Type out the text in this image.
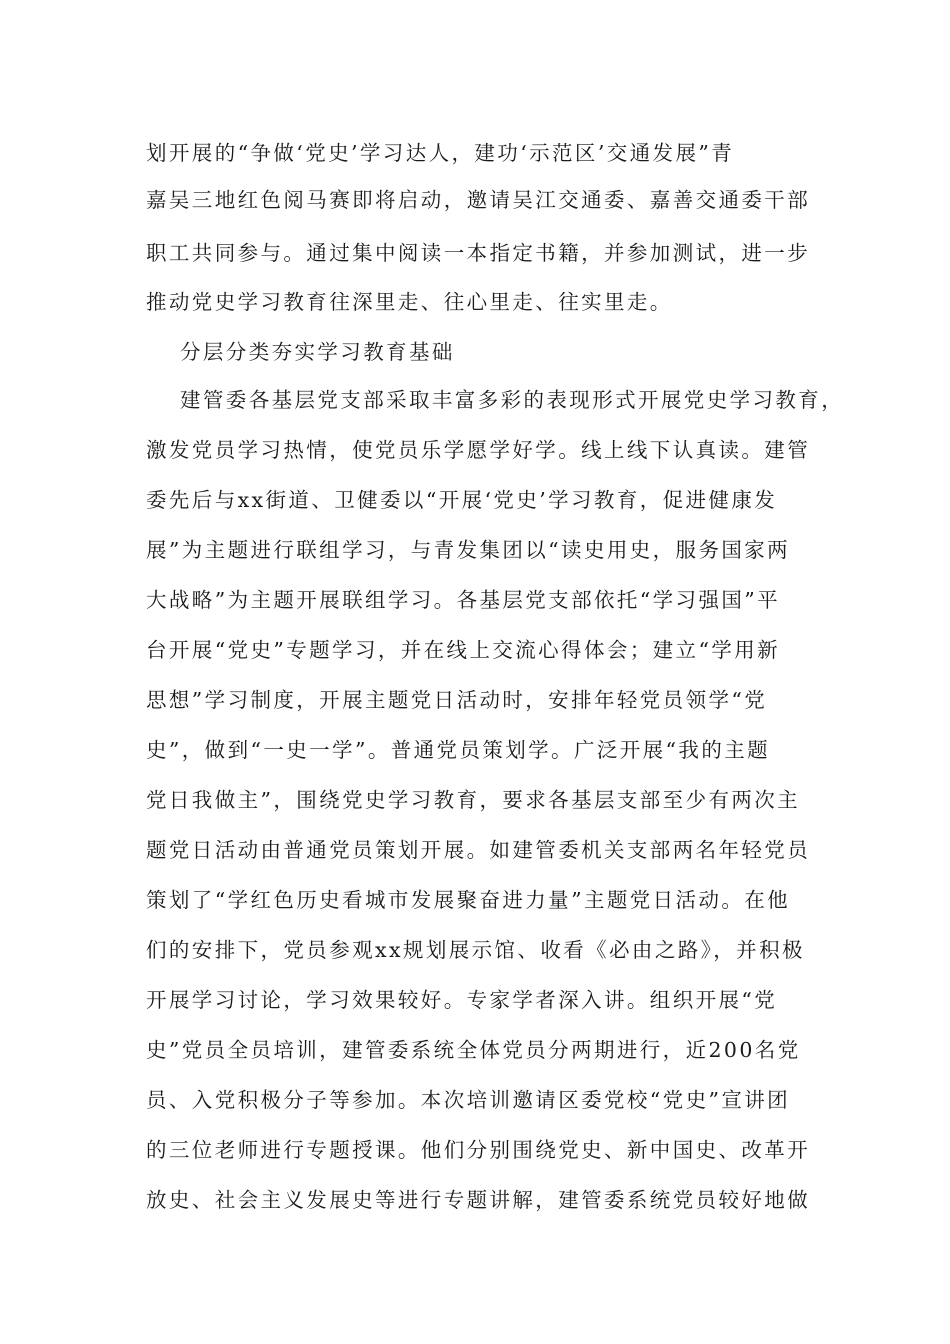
划开展的“争做‘党史’学习达人，建功‘示范区’交通发展”青
嘉吴三地红色阅马赛即将启动，邀请吴江交通委、嘉善交通委干部
职工共同参与。通过集中阅读一本指定书籍，并参加测试，进一步
推动党史学习教育往深里走、往心里走、往实里走。
分层分类夯实学习教育基础
建管委各基层党支部采取丰富多彩的表现形式开展党史学习教育，
激发党员学习热情，使党员乐学愿学好学。线上线下认真读。建管
委先后与xx街道、卫健委以“开展‘党史’学习教育，促进健康发
展”为主题进行联组学习，与青发集团以“读史用史，服务国家两
大战略”为主题开展联组学习。各基层党支部依托“学习强国”平
台开展“党史”专题学习，并在线上交流心得体会；建立“学用新
思想”学习制度，开展主题党日活动时，安排年轻党员领学“党
史”，做到“一史一学”。普通党员策划学。广泛开展“我的主题
党日我做主”，围绕党史学习教育，要求各基层支部至少有两次主
题党日活动由普通党员策划开展。如建管委机关支部两名年轻党员
策划了“学红色历史看城市发展聚奋进力量”主题党日活动。在他
们的安排下，党员参观xx规划展示馆、收看《必由之路》，并积极
开展学习讨论，学习效果较好。专家学者深入讲。组织开展“党
史”党员全员培训，建管委系统全体党员分两期进行，近200名党
员、入党积极分子等参加。本次培训邀请区委党校“党史”宣讲团
的三位老师进行专题授课。他们分别围绕党史、新中国史、改革开
放史、社会主义发展史等进行专题讲解，建管委系统党员较好地做
